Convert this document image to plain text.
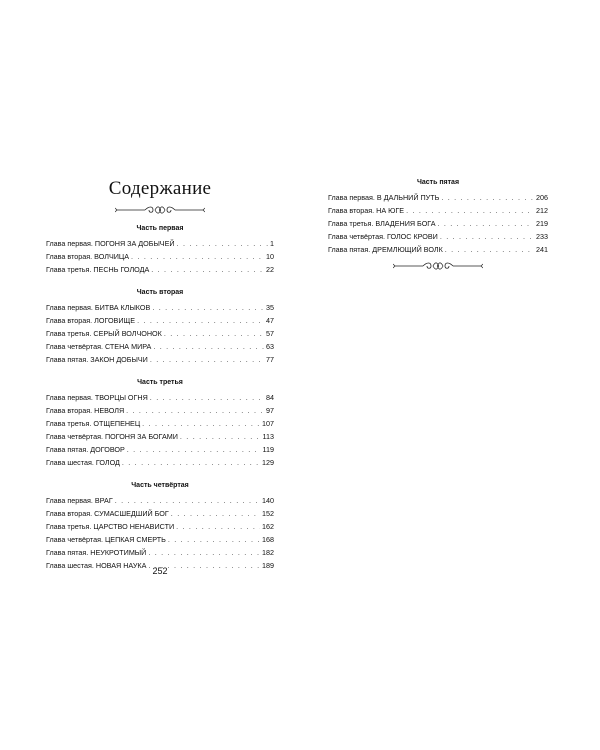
Содержание
Часть первая
Глава первая. ПОГОНЯ ЗА ДОБЫЧЕЙ . . .	1
Глава вторая. ВОЛЧИЦА . . .	10
Глава третья. ПЕСНЬ ГОЛОДА . . .	22
Часть вторая
Глава первая. БИТВА КЛЫКОВ . . .	35
Глава вторая. ЛОГОВИЩЕ . . .	47
Глава третья. СЕРЫЙ ВОЛЧОНОК . . .	57
Глава четвёртая. СТЕНА МИРА . . .	63
Глава пятая. ЗАКОН ДОБЫЧИ . . .	77
Часть третья
Глава первая. ТВОРЦЫ ОГНЯ . . .	84
Глава вторая. НЕВОЛЯ . . .	97
Глава третья. ОТЩЕПЕНЕЦ . . .	107
Глава четвёртая. ПОГОНЯ ЗА БОГАМИ . . .	113
Глава пятая. ДОГОВОР . . .	119
Глава шестая. ГОЛОД . . .	129
Часть четвёртая
Глава первая. ВРАГ . . .	140
Глава вторая. СУМАСШЕДШИЙ БОГ . . .	152
Глава третья. ЦАРСТВО НЕНАВИСТИ . . .	162
Глава четвёртая. ЦЕПКАЯ СМЕРТЬ . . .	168
Глава пятая. НЕУКРОТИМЫЙ . . .	182
Глава шестая. НОВАЯ НАУКА . . .	189
Часть пятая
Глава первая. В ДАЛЬНИЙ ПУТЬ . . .	206
Глава вторая. НА ЮГЕ . . .	212
Глава третья. ВЛАДЕНИЯ БОГА . . .	219
Глава четвёртая. ГОЛОС КРОВИ . . .	233
Глава пятая. ДРЕМЛЮЩИЙ ВОЛК . . .	241
252
